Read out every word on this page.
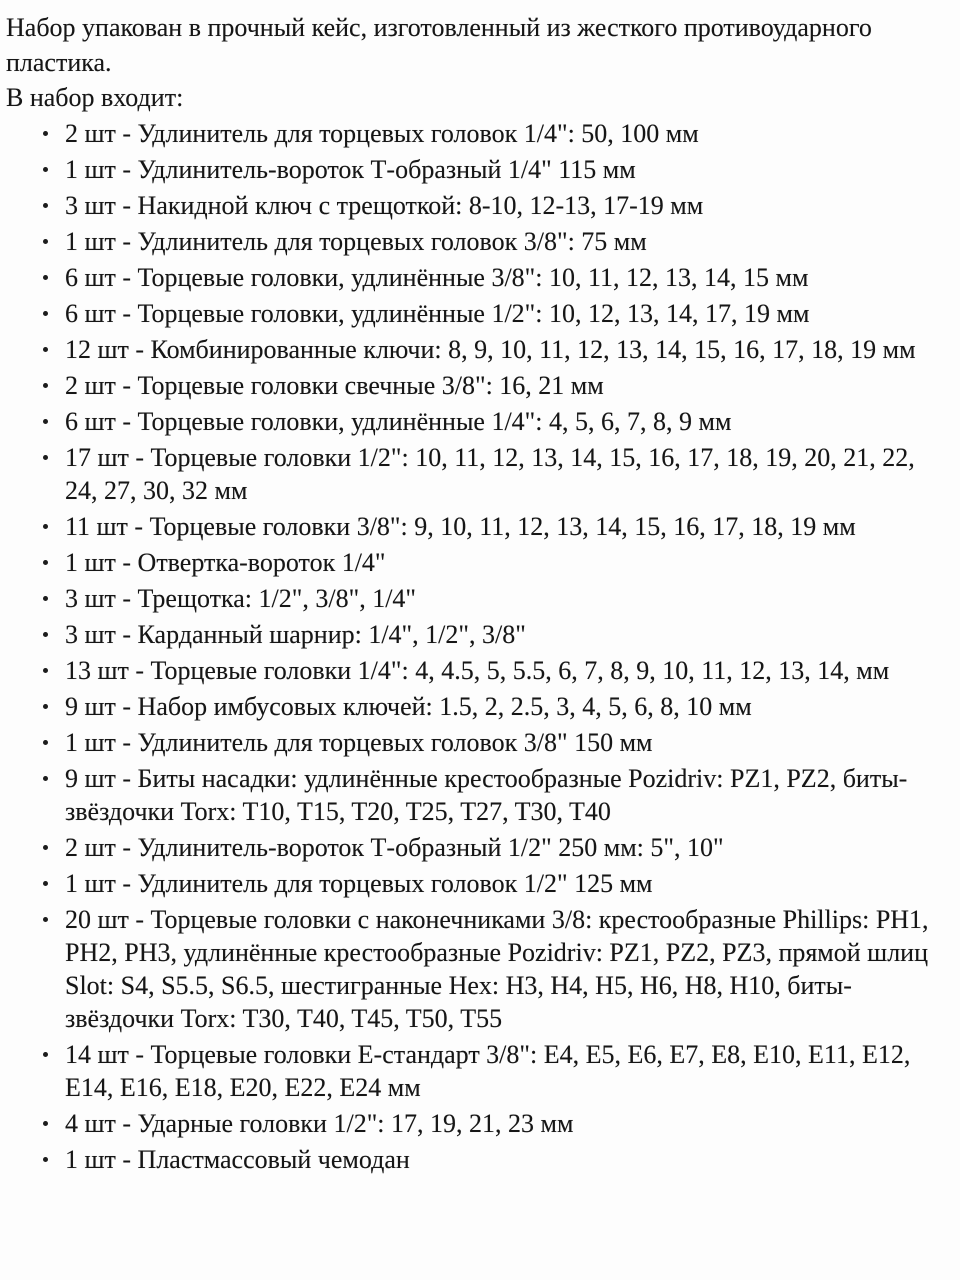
Набор упакован в прочный кейс, изготовленный из жесткого противоударного пластика.

В набор входит:

2 шт - Удлинитель для торцевых головок 1/4": 50, 100 мм
1 шт - Удлинитель-вороток Т-образный 1/4" 115 мм
3 шт - Накидной ключ с трещоткой: 8-10, 12-13, 17-19 мм
1 шт - Удлинитель для торцевых головок 3/8": 75 мм
6 шт - Торцевые головки, удлинённые 3/8": 10, 11, 12, 13, 14, 15 мм
6 шт - Торцевые головки, удлинённые 1/2": 10, 12, 13, 14, 17, 19 мм
12 шт - Комбинированные ключи: 8, 9, 10, 11, 12, 13, 14, 15, 16, 17, 18, 19 мм
2 шт - Торцевые головки свечные 3/8": 16, 21 мм
6 шт - Торцевые головки, удлинённые 1/4": 4, 5, 6, 7, 8, 9 мм
17 шт - Торцевые головки 1/2": 10, 11, 12, 13, 14, 15, 16, 17, 18, 19, 20, 21, 22, 24, 27, 30, 32 мм
11 шт - Торцевые головки 3/8": 9, 10, 11, 12, 13, 14, 15, 16, 17, 18, 19 мм
1 шт - Отвертка-вороток 1/4"
3 шт - Трещотка: 1/2", 3/8", 1/4"
3 шт - Карданный шарнир: 1/4", 1/2", 3/8"
13 шт - Торцевые головки 1/4": 4, 4.5, 5, 5.5, 6, 7, 8, 9, 10, 11, 12, 13, 14, мм
9 шт - Набор имбусовых ключей: 1.5, 2, 2.5, 3, 4, 5, 6, 8, 10 мм
1 шт - Удлинитель для торцевых головок 3/8" 150 мм
9 шт - Биты насадки: удлинённые крестообразные Pozidriv: PZ1, PZ2, биты-звёздочки Torx: T10, T15, T20, T25, T27, T30, T40
2 шт - Удлинитель-вороток Т-образный 1/2" 250 мм: 5", 10"
1 шт - Удлинитель для торцевых головок 1/2" 125 мм
20 шт - Торцевые головки с наконечниками 3/8: крестообразные Phillips: PH1, PH2, PH3, удлинённые крестообразные Pozidriv: PZ1, PZ2, PZ3, прямой шлиц Slot: S4, S5.5, S6.5, шестигранные Hex: H3, H4, H5, H6, H8, H10, биты-звёздочки Torx: T30, T40, T45, T50, T55
14 шт - Торцевые головки Е-стандарт 3/8": E4, E5, E6, E7, E8, E10, E11, E12, E14, E16, E18, E20, E22, E24 мм
4 шт - Ударные головки 1/2": 17, 19, 21, 23 мм
1 шт - Пластмассовый чемодан
